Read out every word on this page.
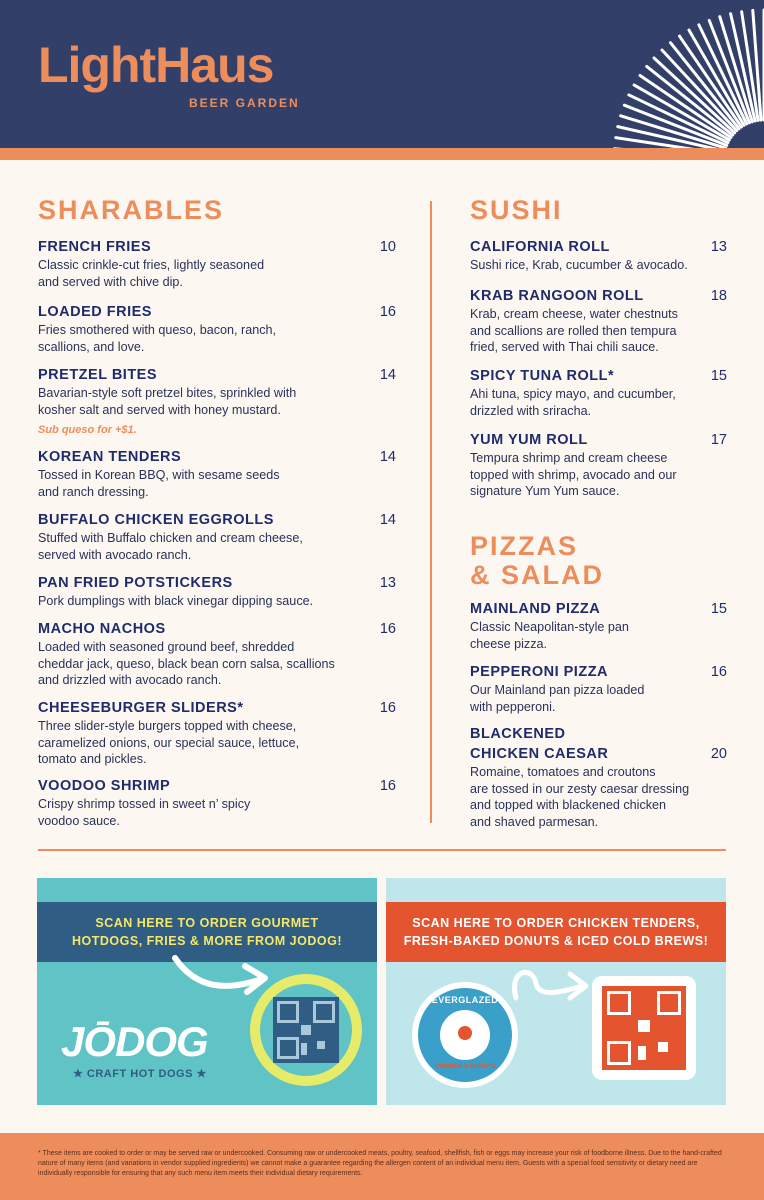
LightHaus
BEER GARDEN
SHARABLES
FRENCH FRIES	10
Classic crinkle-cut fries, lightly seasoned
and served with chive dip.
LOADED FRIES	16
Fries smothered with queso, bacon, ranch,
scallions, and love.
PRETZEL BITES	14
Bavarian-style soft pretzel bites, sprinkled with
kosher salt and served with honey mustard.
Sub queso for +$1.
KOREAN TENDERS	14
Tossed in Korean BBQ, with sesame seeds
and ranch dressing.
BUFFALO CHICKEN EGGROLLS	14
Stuffed with Buffalo chicken and cream cheese,
served with avocado ranch.
PAN FRIED POTSTICKERS	13
Pork dumplings with black vinegar dipping sauce.
MACHO NACHOS	16
Loaded with seasoned ground beef, shredded
cheddar jack, queso, black bean corn salsa, scallions
and drizzled with avocado ranch.
CHEESEBURGER SLIDERS*	16
Three slider-style burgers topped with cheese,
caramelized onions, our special sauce, lettuce,
tomato and pickles.
VOODOO SHRIMP	16
Crispy shrimp tossed in sweet n’ spicy
voodoo sauce.
SUSHI
CALIFORNIA ROLL	13
Sushi rice, Krab, cucumber & avocado.
KRAB RANGOON ROLL	18
Krab, cream cheese, water chestnuts
and scallions are rolled then tempura
fried, served with Thai chili sauce.
SPICY TUNA ROLL*	15
Ahi tuna, spicy mayo, and cucumber,
drizzled with sriracha.
YUM YUM ROLL	17
Tempura shrimp and cream cheese
topped with shrimp, avocado and our
signature Yum Yum sauce.
PIZZAS
& SALAD
MAINLAND PIZZA	15
Classic Neapolitan-style pan
cheese pizza.
PEPPERONI PIZZA	16
Our Mainland pan pizza loaded
with pepperoni.
BLACKENED
CHICKEN CAESAR	20
Romaine, tomatoes and croutons
are tossed in our zesty caesar dressing
and topped with blackened chicken
and shaved parmesan.
SCAN HERE TO ORDER GOURMET
HOTDOGS, FRIES & MORE FROM JODOG!
JŌDOG
★ CRAFT HOT DOGS ★
SCAN HERE TO ORDER CHICKEN TENDERS,
FRESH-BAKED DONUTS & ICED COLD BREWS!
EVERGLAZED
CHICKEN & DONUTS
* These items are cooked to order or may be served raw or undercooked. Consuming raw or undercooked meats, poultry, seafood, shellfish, fish or eggs may increase your risk of foodborne illness. Due to the hand-crafted nature of many items (and variations in vendor supplied ingredients) we cannot make a guarantee regarding the allergen content of an individual menu item. Guests with a special food sensitivity or dietary need are individually responsible for ensuring that any such menu item meets their individual dietary requirements.
